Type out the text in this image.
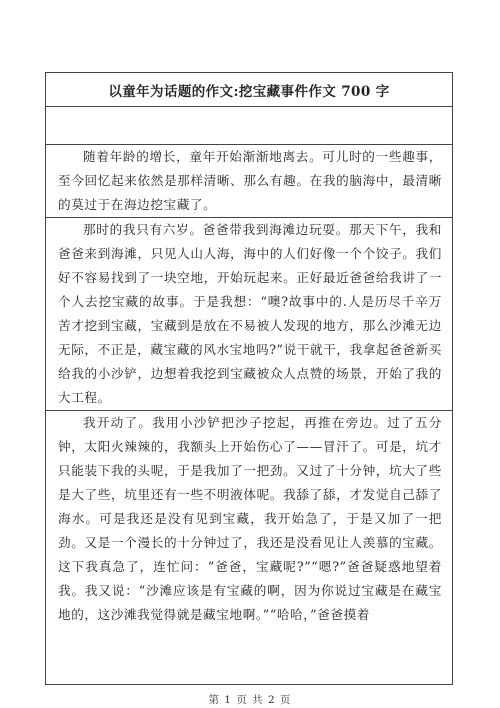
以童年为话题的作文:挖宝藏事件作文 700 字

随着年龄的增长，童年开始渐渐地离去。可儿时的一些趣事，至今回忆起来依然是那样清晰、那么有趣。在我的脑海中，最清晰的莫过于在海边挖宝藏了。

那时的我只有六岁。爸爸带我到海滩边玩耍。那天下午，我和爸爸来到海滩，只见人山人海，海中的人们好像一个个饺子。我们好不容易找到了一块空地，开始玩起来。正好最近爸爸给我讲了一个人去挖宝藏的故事。于是我想：“噢?故事中的.人是历尽千辛万苦才挖到宝藏，宝藏到是放在不易被人发现的地方，那么沙滩无边无际，不正是，藏宝藏的风水宝地吗?”说干就干，我拿起爸爸新买给我的小沙铲，边想着我挖到宝藏被众人点赞的场景，开始了我的大工程。

我开动了。我用小沙铲把沙子挖起，再推在旁边。过了五分钟，太阳火辣辣的，我额头上开始伤心了——冒汗了。可是，坑才只能装下我的头呢，于是我加了一把劲。又过了十分钟，坑大了些是大了些，坑里还有一些不明液体呢。我舔了舔，才发觉自己舔了海水。可是我还是没有见到宝藏，我开始急了，于是又加了一把劲。又是一个漫长的十分钟过了，我还是没看见让人羡慕的宝藏。这下我真急了，连忙问：“爸爸，宝藏呢?”“嗯?”爸爸疑惑地望着我。我又说：“沙滩应该是有宝藏的啊，因为你说过宝藏是在藏宝地的，这沙滩我觉得就是藏宝地啊。”“哈哈，”爸爸摸着

第 1 页 共 2 页
